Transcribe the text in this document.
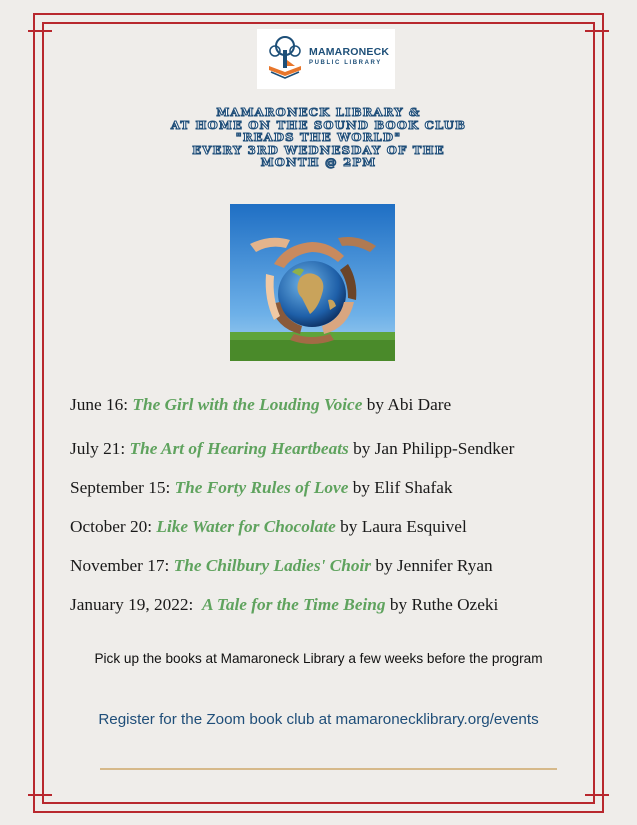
MAMARONECK
PUBLIC LIBRARY
MAMARONECK LIBRARY &
AT HOME ON THE SOUND BOOK CLUB
"READS THE WORLD"
EVERY 3RD WEDNESDAY OF THE
MONTH @ 2PM
June 16: The Girl with the Louding Voice by Abi Dare
July 21: The Art of Hearing Heartbeats by Jan Philipp-Sendker
September 15: The Forty Rules of Love by Elif Shafak
October 20: Like Water for Chocolate by Laura Esquivel
November 17: The Chilbury Ladies' Choir by Jennifer Ryan
January 19, 2022:  A Tale for the Time Being by Ruthe Ozeki
Pick up the books at Mamaroneck Library a few weeks before the program
Register for the Zoom book club at mamaronecklibrary.org/events
